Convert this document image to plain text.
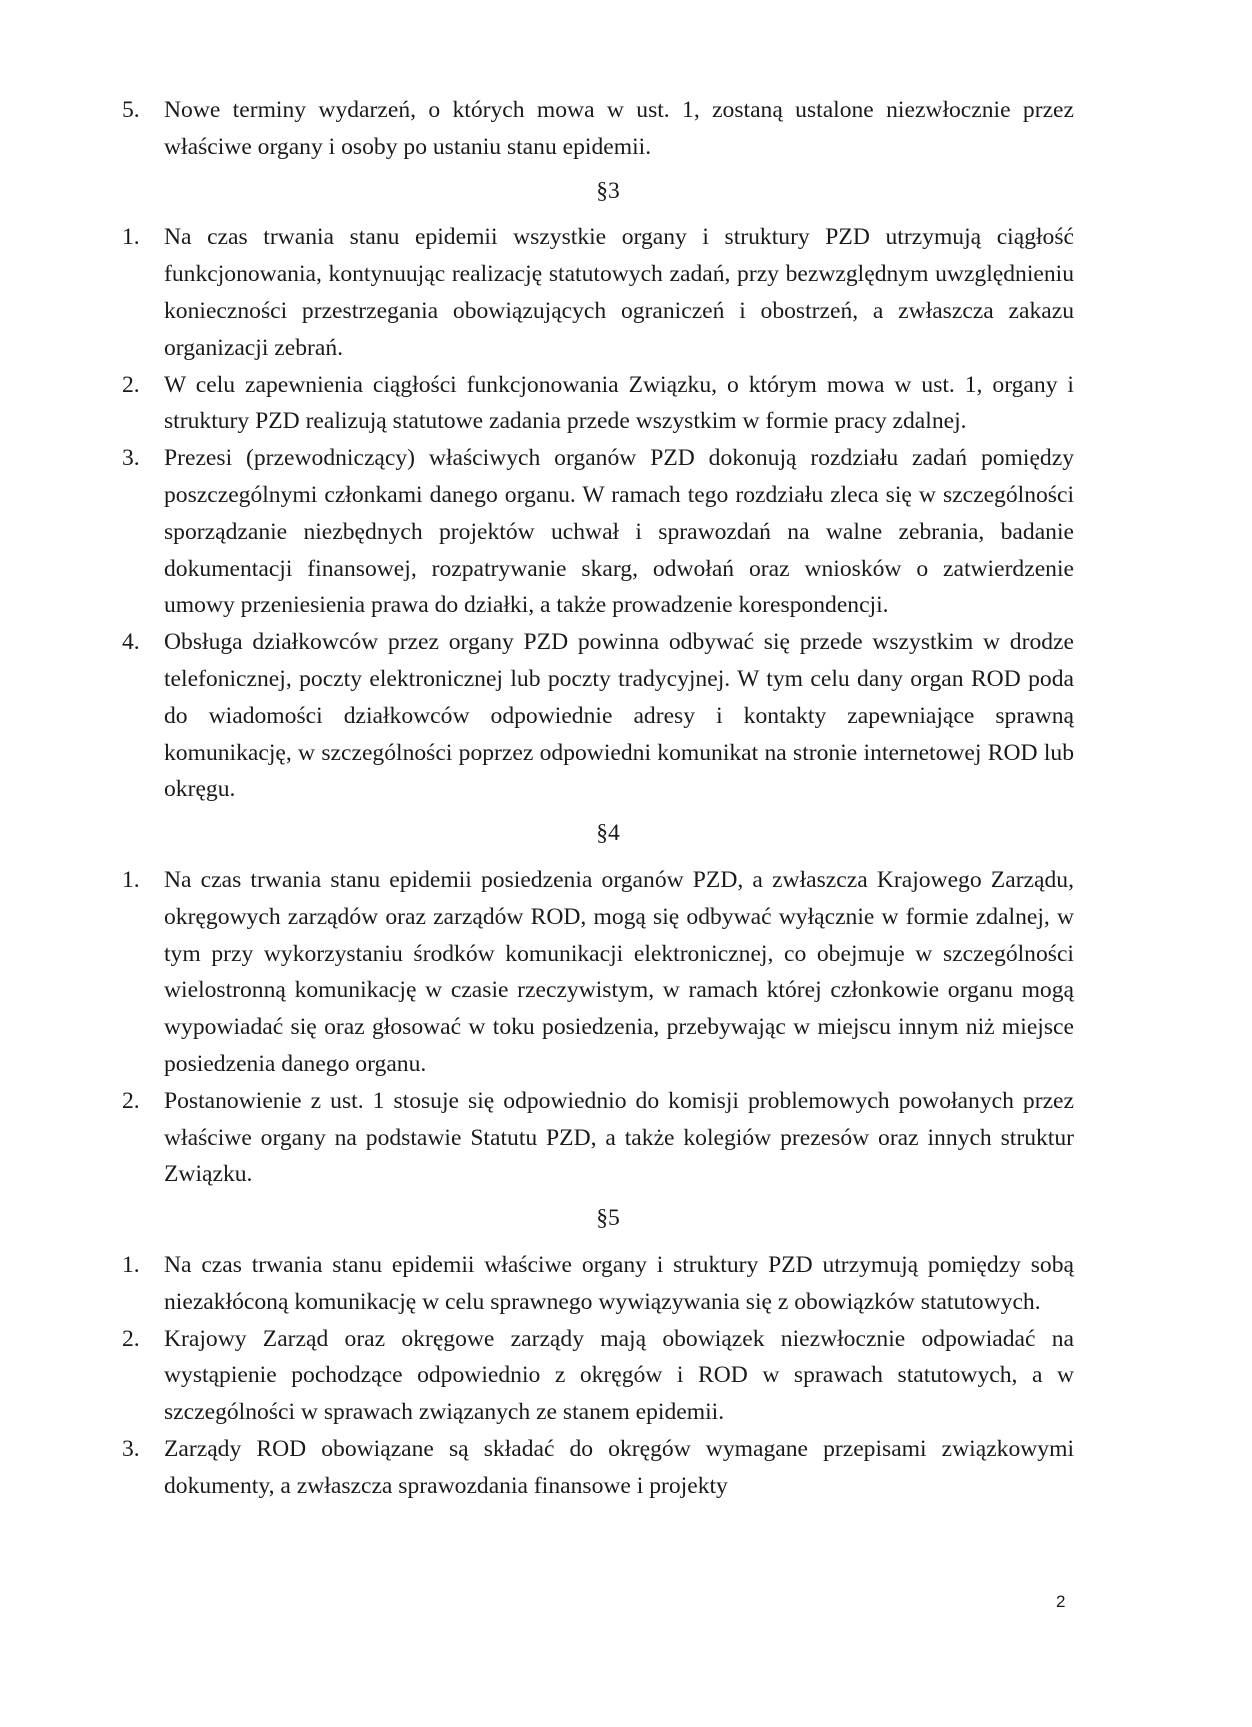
5. Nowe terminy wydarzeń, o których mowa w ust. 1, zostaną ustalone niezwłocznie przez właściwe organy i osoby po ustaniu stanu epidemii.
§3
1. Na czas trwania stanu epidemii wszystkie organy i struktury PZD utrzymują ciągłość funkcjonowania, kontynuując realizację statutowych zadań, przy bezwzględnym uwzględnieniu konieczności przestrzegania obowiązujących ograniczeń i obostrzeń, a zwłaszcza zakazu organizacji zebrań.
2. W celu zapewnienia ciągłości funkcjonowania Związku, o którym mowa w ust. 1, organy i struktury PZD realizują statutowe zadania przede wszystkim w formie pracy zdalnej.
3. Prezesi (przewodniczący) właściwych organów PZD dokonują rozdziału zadań pomiędzy poszczególnymi członkami danego organu. W ramach tego rozdziału zleca się w szczególności sporządzanie niezbędnych projektów uchwał i sprawozdań na walne zebrania, badanie dokumentacji finansowej, rozpatrywanie skarg, odwołań oraz wniosków o zatwierdzenie umowy przeniesienia prawa do działki, a także prowadzenie korespondencji.
4. Obsługa działkowców przez organy PZD powinna odbywać się przede wszystkim w drodze telefonicznej, poczty elektronicznej lub poczty tradycyjnej. W tym celu dany organ ROD poda do wiadomości działkowców odpowiednie adresy i kontakty zapewniające sprawną komunikację, w szczególności poprzez odpowiedni komunikat na stronie internetowej ROD lub okręgu.
§4
1. Na czas trwania stanu epidemii posiedzenia organów PZD, a zwłaszcza Krajowego Zarządu, okręgowych zarządów oraz zarządów ROD, mogą się odbywać wyłącznie w formie zdalnej, w tym przy wykorzystaniu środków komunikacji elektronicznej, co obejmuje w szczególności wielostronną komunikację w czasie rzeczywistym, w ramach której członkowie organu mogą wypowiadać się oraz głosować w toku posiedzenia, przebywając w miejscu innym niż miejsce posiedzenia danego organu.
2. Postanowienie z ust. 1 stosuje się odpowiednio do komisji problemowych powołanych przez właściwe organy na podstawie Statutu PZD, a także kolegiów prezesów oraz innych struktur Związku.
§5
1. Na czas trwania stanu epidemii właściwe organy i struktury PZD utrzymują pomiędzy sobą niezakłóconą komunikację w celu sprawnego wywiązywania się z obowiązków statutowych.
2. Krajowy Zarząd oraz okręgowe zarządy mają obowiązek niezwłocznie odpowiadać na wystąpienie pochodzące odpowiednio z okręgów i ROD w sprawach statutowych, a w szczególności w sprawach związanych ze stanem epidemii.
3. Zarządy ROD obowiązane są składać do okręgów wymagane przepisami związkowymi dokumenty, a zwłaszcza sprawozdania finansowe i projekty
2
